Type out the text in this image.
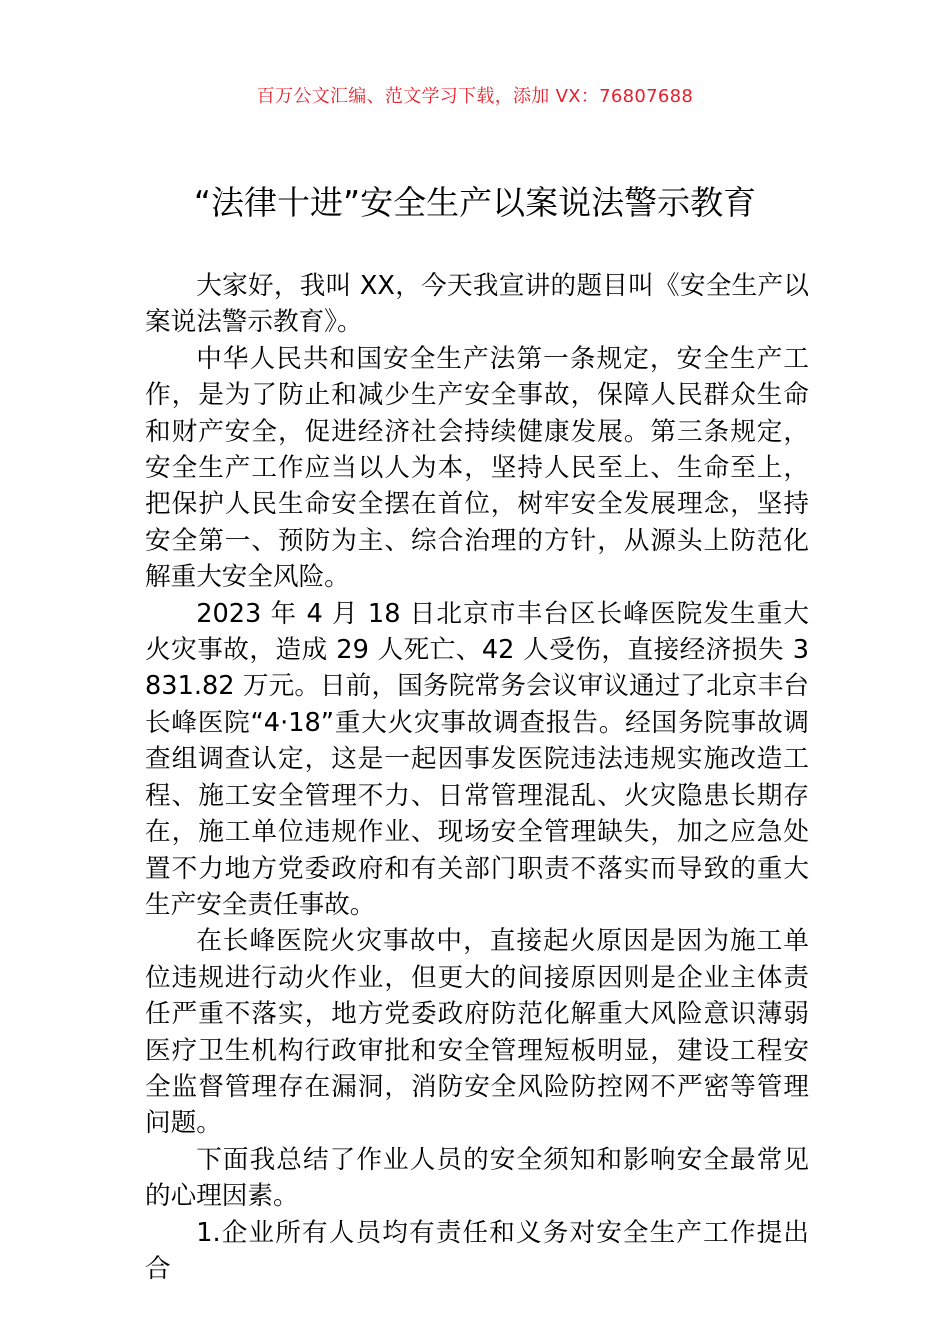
百万公文汇编、范文学习下载，添加 VX：76807688
“法律十进”安全生产以案说法警示教育

大家好，我叫 XX，今天我宣讲的题目叫《安全生产以案说法警示教育》。

中华人民共和国安全生产法第一条规定，安全生产工作，是为了防止和减少生产安全事故，保障人民群众生命和财产安全，促进经济社会持续健康发展。第三条规定，安全生产工作应当以人为本，坚持人民至上、生命至上，把保护人民生命安全摆在首位，树牢安全发展理念，坚持安全第一、预防为主、综合治理的方针，从源头上防范化解重大安全风险。

2023 年 4 月 18 日北京市丰台区长峰医院发生重大火灾事故，造成 29 人死亡、42 人受伤，直接经济损失 3831.82 万元。日前，国务院常务会议审议通过了北京丰台长峰医院“4·18”重大火灾事故调查报告。经国务院事故调查组调查认定，这是一起因事发医院违法违规实施改造工程、施工安全管理不力、日常管理混乱、火灾隐患长期存在，施工单位违规作业、现场安全管理缺失，加之应急处置不力地方党委政府和有关部门职责不落实而导致的重大生产安全责任事故。

在长峰医院火灾事故中，直接起火原因是因为施工单位违规进行动火作业，但更大的间接原因则是企业主体责任严重不落实，地方党委政府防范化解重大风险意识薄弱医疗卫生机构行政审批和安全管理短板明显，建设工程安全监督管理存在漏洞，消防安全风险防控网不严密等管理问题。

下面我总结了作业人员的安全须知和影响安全最常见的心理因素。

1.企业所有人员均有责任和义务对安全生产工作提出合
